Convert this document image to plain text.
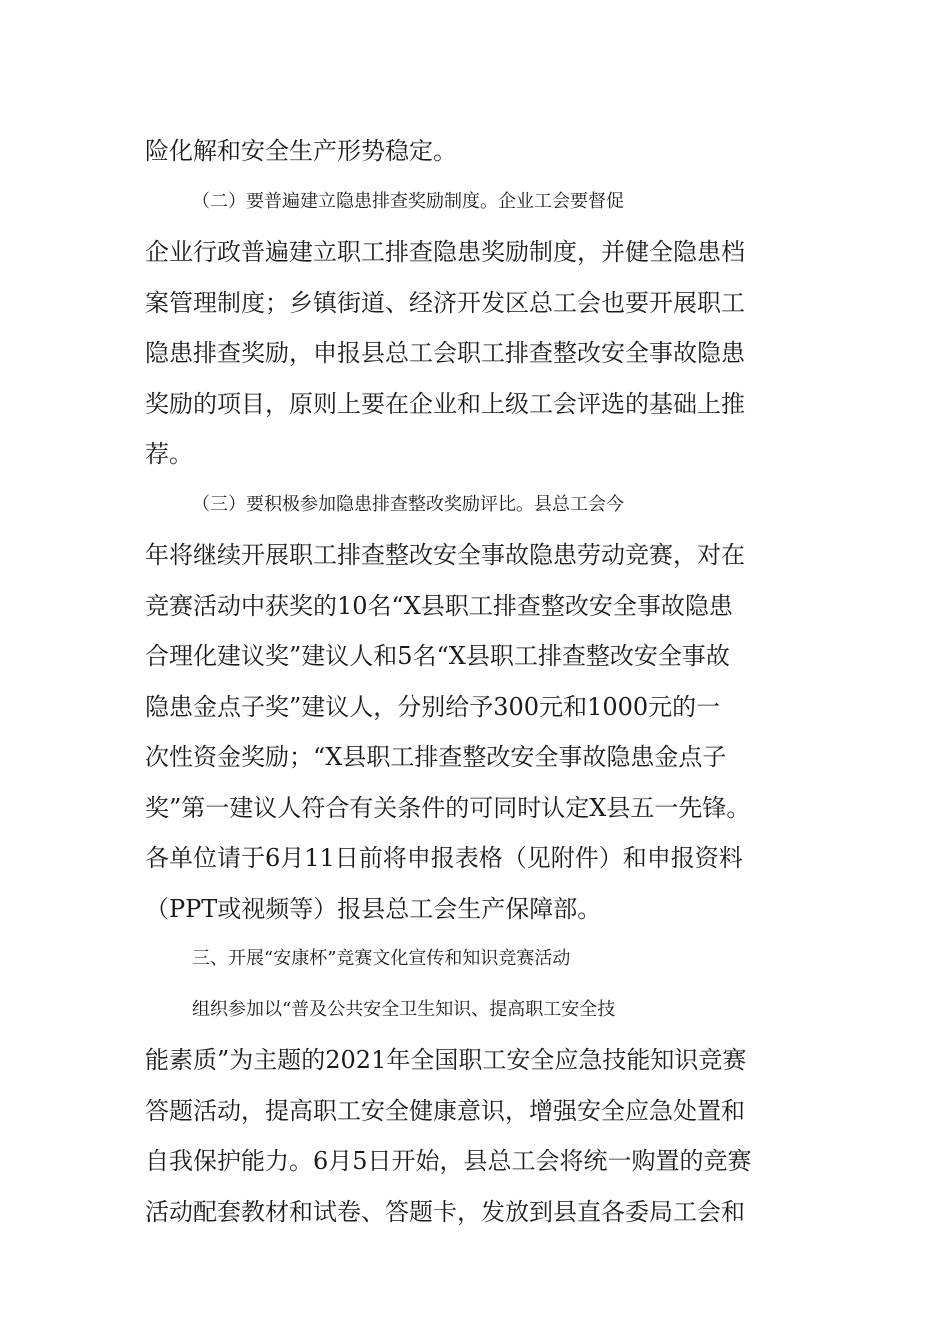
险化解和安全生产形势稳定。
（二）要普遍建立隐患排查奖励制度。企业工会要督促
企业行政普遍建立职工排查隐患奖励制度，并健全隐患档
案管理制度；乡镇街道、经济开发区总工会也要开展职工
隐患排查奖励，申报县总工会职工排查整改安全事故隐患
奖励的项目，原则上要在企业和上级工会评选的基础上推
荐。
（三）要积极参加隐患排查整改奖励评比。县总工会今
年将继续开展职工排查整改安全事故隐患劳动竞赛，对在
竞赛活动中获奖的10名“X县职工排查整改安全事故隐患
合理化建议奖”建议人和5名“X县职工排查整改安全事故
隐患金点子奖”建议人，分别给予300元和1000元的一
次性资金奖励；“X县职工排查整改安全事故隐患金点子
奖”第一建议人符合有关条件的可同时认定X县五一先锋。
各单位请于6月11日前将申报表格（见附件）和申报资料
（PPT或视频等）报县总工会生产保障部。
三、开展“安康杯”竞赛文化宣传和知识竞赛活动
组织参加以“普及公共安全卫生知识、提高职工安全技
能素质”为主题的2021年全国职工安全应急技能知识竞赛
答题活动，提高职工安全健康意识，增强安全应急处置和
自我保护能力。6月5日开始，县总工会将统一购置的竞赛
活动配套教材和试卷、答题卡，发放到县直各委局工会和
